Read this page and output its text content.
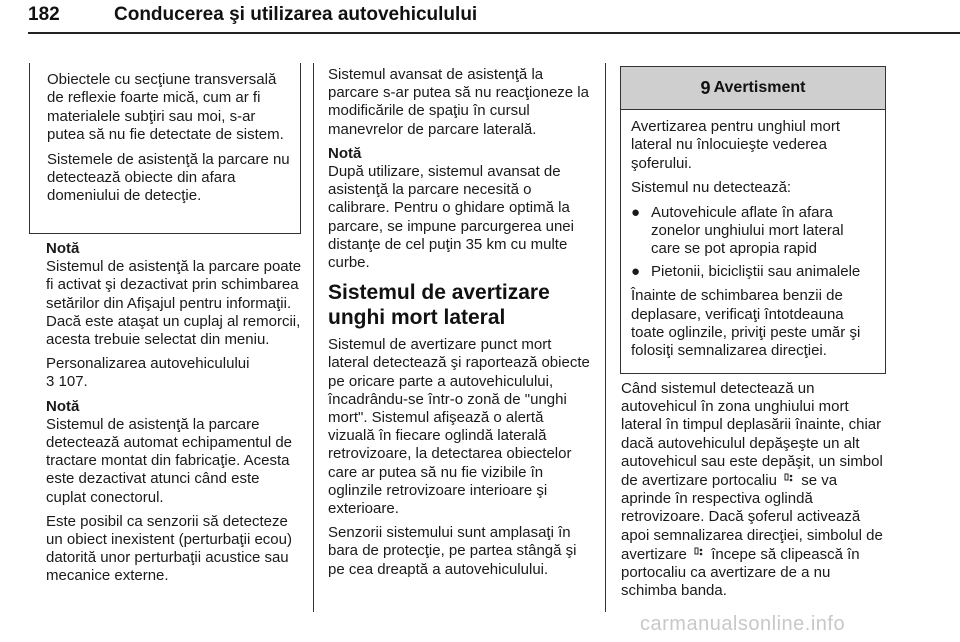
182	Conducerea şi utilizarea autovehiculului

Obiectele cu secţiune transversală de reflexie foarte mică, cum ar fi materialele subţiri sau moi, s-ar putea să nu fie detectate de sistem.

Sistemele de asistenţă la parcare nu detectează obiecte din afara domeniului de detecţie.

Notă
Sistemul de asistenţă la parcare poate fi activat şi dezactivat prin schimbarea setărilor din Afişajul pentru informaţii. Dacă este ataşat un cuplaj al remorcii, acesta trebuie selectat din meniu.

Personalizarea autovehiculului
3 107.

Notă
Sistemul de asistenţă la parcare detectează automat echipamentul de tractare montat din fabricaţie. Acesta este dezactivat atunci când este cuplat conectorul.

Este posibil ca senzorii să detecteze un obiect inexistent (perturbaţii ecou) datorită unor perturbaţii acustice sau mecanice externe.

Sistemul avansat de asistenţă la parcare s-ar putea să nu reacţioneze la modificările de spaţiu în cursul manevrelor de parcare laterală.

Notă
După utilizare, sistemul avansat de asistenţă la parcare necesită o calibrare. Pentru o ghidare optimă la parcare, se impune parcurgerea unei distanţe de cel puţin 35 km cu multe curbe.

Sistemul de avertizare unghi mort lateral

Sistemul de avertizare punct mort lateral detectează şi raportează obiecte pe oricare parte a autovehiculului, încadrându-se într-o zonă de "unghi mort". Sistemul afişează o alertă vizuală în fiecare oglindă laterală retrovizoare, la detectarea obiectelor care ar putea să nu fie vizibile în oglinzile retrovizoare interioare şi exterioare.

Senzorii sistemului sunt amplasaţi în bara de protecţie, pe partea stângă şi pe cea dreaptă a autovehiculului.

9 Avertisment

Avertizarea pentru unghiul mort lateral nu înlocuieşte vederea şoferului.

Sistemul nu detectează:

● Autovehicule aflate în afara zonelor unghiului mort lateral care se pot apropia rapid
● Pietonii, bicicliştii sau animalele

Înainte de schimbarea benzii de deplasare, verificaţi întotdeauna toate oglinzile, priviţi peste umăr şi folosiţi semnalizarea direcţiei.

Când sistemul detectează un autovehicul în zona unghiului mort lateral în timpul deplasării înainte, chiar dacă autovehiculul depăşeşte un alt autovehicul sau este depăşit, un simbol de avertizare portocaliu se va aprinde în respectiva oglindă retrovizoare. Dacă şoferul activează apoi semnalizarea direcţiei, simbolul de avertizare începe să clipească în portocaliu ca avertizare de a nu schimba banda.

carmanualsonline.info
